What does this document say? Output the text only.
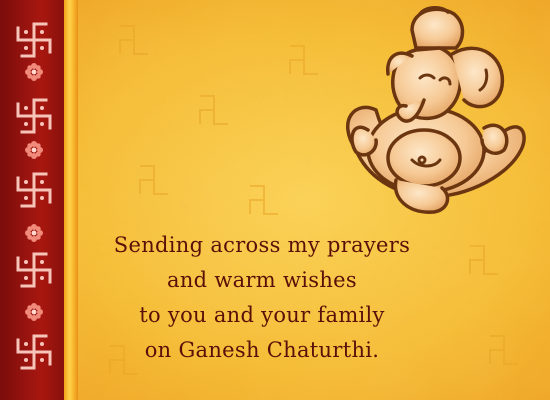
Sending across my prayers
and warm wishes
to you and your family
on Ganesh Chaturthi.
